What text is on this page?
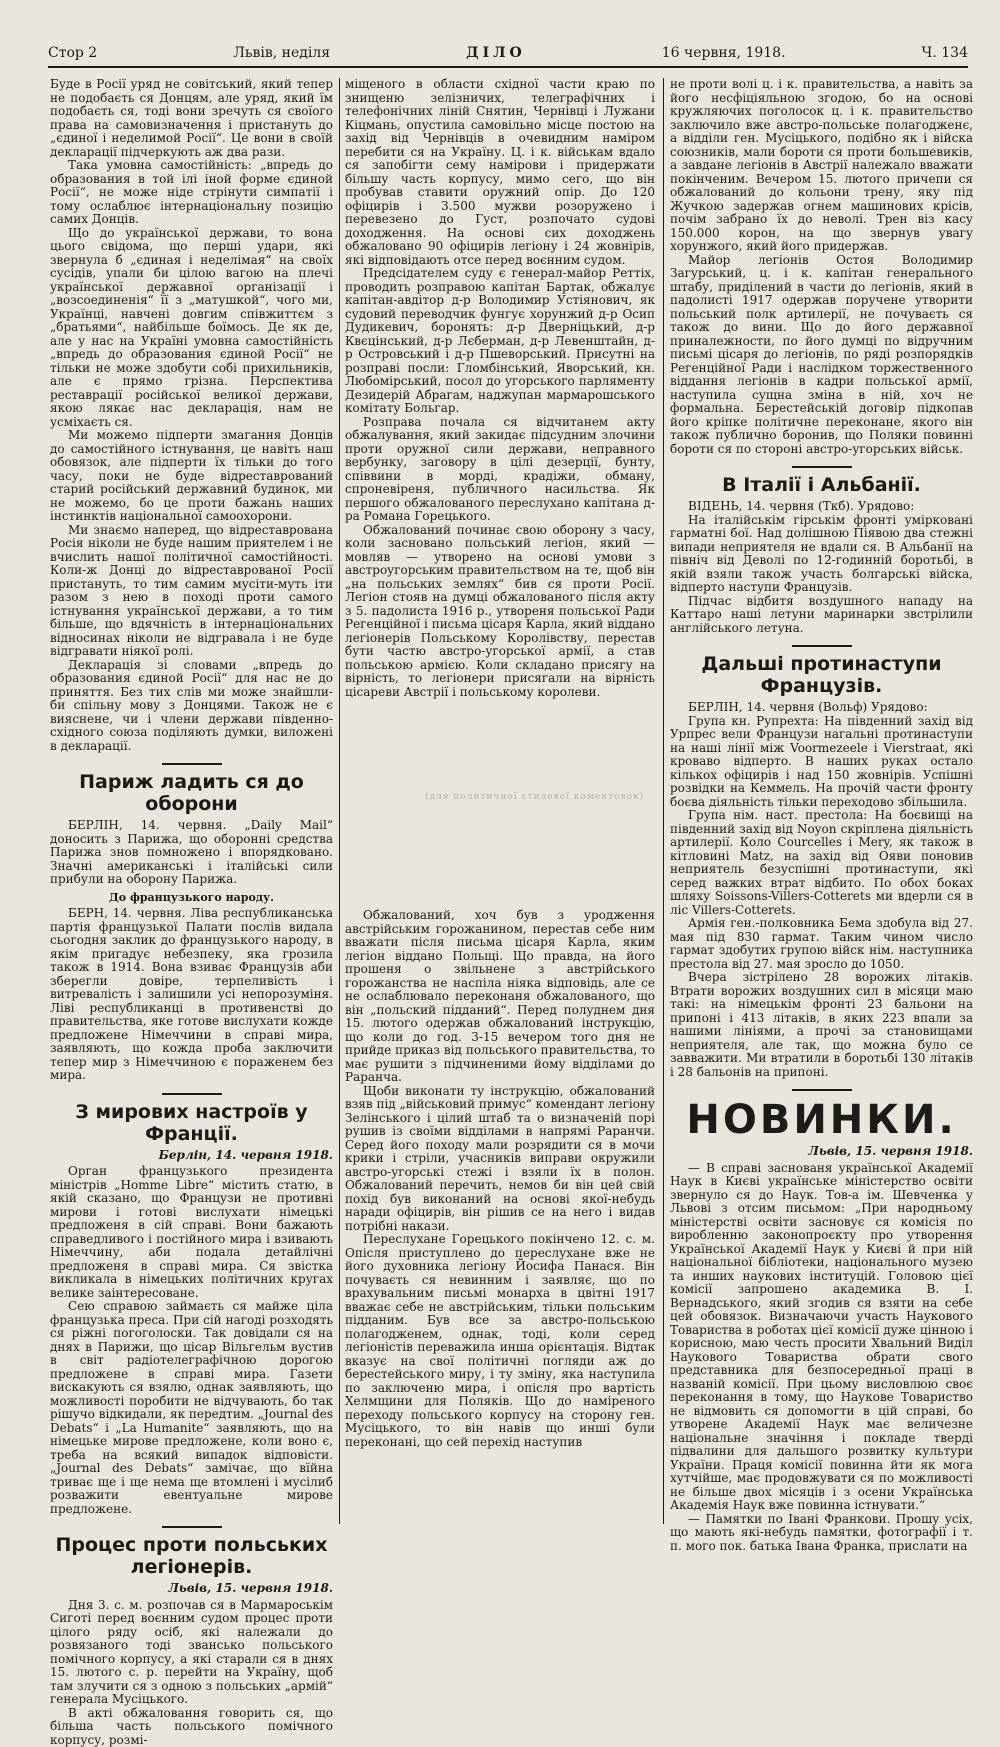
Стор 2	Львів, неділя	ДІЛО	16 червня, 1918.	Ч. 134

Буде в Росії уряд не совітський, який тепер не подобаєть ся Донцям, але уряд, який їм подобаєть ся, тоді вони зречуть ся своїого права на самовизначення і пристануть до „єдиної і неделимой Росії“. Це вони в своїй декларації підчеркують аж два рази.

Така умовна самостійність: „впредь до образования в той ілі іной форме єдиной Росії“, не може ніде стрінути симпатії і тому ослаблює інтернаціональну позицію самих Донців.

Що до української держави, то вона цього свідома, що перші удари, які звернула б „єдиная і неделімая“ на своїх сусідів, упали би цілою вагою на плечі української державної організації і „возсоединенія“ її з „матушкой“, чого ми, Українці, навчені довгим співжиттєм з „братьями“, найбільше боїмось. Де як де, але у нас на Україні умовна самостійність „впредь до образования єдиной Росії“ не тільки не може здобути собі прихильників, але є прямо грізна. Перспектива реставрації російської великої держави, якою лякає нас декларація, нам не усміхаєть ся.

Ми можемо підперти змагання Донців до самостійного істнування, це навіть наш обовязок, але підперти їх тільки до того часу, поки не буде відреставрований старий російський державний будинок, ми не можемо, бо це проти бажань наших інстинктів національної самоохорони.

Ми знаємо наперед, що відреставрована Росія ніколи не буде нашим приятелем і не вчислить нашої політичної самостійності. Коли-ж Донці до відреставрованої Росії пристануть, то тим самим мусіти-муть іти разом з нею в поході проти самого істнування української держави, а то тим більше, що вдячність в інтернаціональних відносинах ніколи не відгравала і не буде відгравати ніякої ролі.

Декларація зі словами „впредь до образования єдиной Росії“ для нас не до приняття. Без тих слів ми може знайшли-би спільну мову з Донцями. Також не є вияснене, чи і члени держави південно-східного союза поділяють думки, виложені в декларації.

Париж ладить ся до оборони

БЕРЛІН, 14. червня. „Daily Mail“ доносить з Парижа, що оборонні средства Парижа знов помножено і впорядковано. Значні американські і італійські сили прибули на оборону Парижа.

До французького народу.

БЕРН, 14. червня. Ліва республиканська партія французької Палати послів видала сьогодня заклик до французького народу, в якім пригадує небезпеку, яка грозила також в 1914. Вона взиває Французів аби зберегли довіре, терпеливість і витревалість і залишили усі непорозуміня. Ліві республиканці в противенстві до правительства, яке готове вислухати кожде предложене Німеччини в справі мира, заявляють, що кожда проба заключити тепер мир з Німеччиною є пораженем без мира.

З мирових настроїв у Франції.
Берлін, 14. червня 1918.

Орган французького президента міністрів „Homme Libre“ містить статю, в якій сказано, що Французи не противні мирови і готові вислухати німецькі предложеня в сій справі. Вони бажають справедливого і постійного мира і взивають Німеччину, аби подала детайлічні предложеня в справі мира. Ся звістка викликала в німецьких політичних кругах велике заінтересоване.

Сею справою займаєть ся майже ціла французька преса. При сій нагоді розходять ся ріжні погоголоски. Так довідали ся на днях в Парижи, що цісар Вільгельм вустив в світ радіотелеграфічною дорогою предложене в справі мира. Газети вискакують ся взялю, однак заявляють, що можливості поробити не відчувають, бо так рішучо відкидали, як передтим. „Journal des Debats“ і „La Humanite“ заявляють, що на німецьке мирове предложене, коли воно є, треба на всякий випадок відповісти. „Journal des Debats“ замічає, що вїйна триває ще і ще нема ще втомлені і мусілиб розважити евентуальне мирове предложене.

Процес проти польських легіонерів.
Львів, 15. червня 1918.

Дня 3. с. м. розпочав ся в Мармароськім Сиготі перед воєнним судом процес проти цілого ряду осіб, які належали до розвязаного тоді звансько польського помічного корпусу, а які старали ся в днях 15. лютого с. р. перейти на Україну, щоб там злучити ся з одною з польських „армій“ генерала Мусіцького.

В акті обжаловання говорить ся, що більша часть польського помічного корпусу, розмі-

міщеного в области східної части краю по знищеню зелізничих, телеграфічних і телефонічних ліній Снятин, Чернівці і Лужани Кіцмань, опустила самовільно місце постою на захід від Чернівців в очевидним наміром перебити ся на Україну. Ц. і к. військам вдало ся запобігти сему намірови і придержати більшу часть корпусу, мимо сего, що він пробував ставити оружний опір. До 120 офіцирів і 3.500 мужви розоружено і перевезено до Густ, розпочато судові доходження. На основі сих доходжень обжаловано 90 офіцирів легіону і 24 жовнірів, які відповідають отсе перед воєнним судом.

Предсідателем суду є генерал-майор Реттіх, проводить розправою капітан Бартак, обжалує капітан-авдітор д-р Володимир Устіянович, як судовий переводчик фунгує хорунжий д-р Осип Дудикевич, боронять: д-р Дверніцький, д-р Квєцінський, д-р Лєберман, д-р Левенштайн, д-р Островський і д-р Пшеворський. Присутні на розправі посли: Гломбінський, Яворський, кн. Любомірський, посол до угорського парляменту Дезидерій Абрагам, наджупан мармарошського комітату Больгар.

Розправа почала ся відчитанем акту обжалування, який закидає підсудним злочини проти оружної сили держави, неправного вербунку, заговору в цілі дезерції, бунту, співвини в морді, крадіжи, обману, спроневіреня, публичного насильства. Як першого обжалованого переслухано капітана д-ра Романа Горецького.

Обжалований починає свою оборону з часу, коли засновано польський легіон, який — мовляв — утворено на основі умови з австроугорським правительством на те, щоб він „на польських землях“ бив ся проти Росії. Легіон стояв на думці обжалованого після акту з 5. падолиста 1916 р., утвореня польської Ради Регенційної і письма цісаря Карла, який віддано легіонерів Польському Королівству, перестав бути частю австро-угорської армії, а став польською армією. Коли складано присягу на вірність, то легіонери присягали на вірність цісареви Австрії і польському королеви.

(для политичної стилевої коментовок)

Обжалований, хоч був з уродження австрійським горожанином, перестав себе ним вважати після письма цісаря Карла, яким легіон віддано Польщі. Що правда, на його прошеня о звільнене з австрійського горожанства не наспіла ніяка відповідь, але се не ослаблювало переконаня обжалованого, що він „польский підданий“. Перед полуднем дня 15. лютого одержав обжалований інструкцію, що коли до год. 3-15 вечером того дня не прийде приказ від польського правительства, то має рушити з підчиненими йому відділами до Раранча.

Щоби виконати ту інструкцію, обжалований взяв під „військовий примус“ комендант легіону Зелінського і цілий штаб та о визначеній порі рушив із своїми відділами в напрямі Раранчи. Серед його походу мали розрядити ся в мочи крики і стріли, учасників виправи окружили австро-угорські стежі і взяли їх в полон. Обжалований перечить, немов би він цей свій похід був виконаний на основі якої-небудь наради офіцирів, він рішив се на него і видав потрібні накази.

Переслухане Горецького покінчено 12. с. м. Опісля приступлено до переслухане вже не його духовника легіону Йосифа Панася. Він почуваєть ся невинним і заявляє, що по врахувальним письмі монарха в цвітні 1917 вважає себе не австрійським, тільки польським підданим. Був все за австро-польською полагодженем, однак, тоді, коли серед легіоністів переважила инша орієнтація. Відтак вказує на свої політичні погляди аж до берестейського миру, і ту зміну, яка наступила по заключеню мира, і опісля про вартість Хелмщини для Поляків. Що до наміреного переходу польського корпусу на сторону ген. Мусіцького, то він навів що инші були переконані, що сей перехід наступив

не проти волі ц. і к. правительства, а навіть за його несфіціяльною згодою, бо на основі кружляючих поголосок ц. і к. правительство заключило вже австро-польське полагодженє, а відділи ген. Мусіцького, подібно як і війска союзників, мали бороти ся проти большевиків, а завдане легіонів в Австрії належало вважати покінченим. Вечером 15. лютого причепи ся обжалований до кольони трену, яку під Жучкою задержав огнем машинових крісів, почім забрано їх до неволі. Трен віз касу 150.000 корон, на що звернув увагу хорунжого, який його придержав.

Майор легіонів Остоя Володимир Загурський, ц. і к. капітан генерального штабу, приділений в части до легіонів, який в падолисті 1917 одержав поручене утворити польський полк артилерії, не почуваєть ся також до вини. Що до його державної приналежности, по його думці по відручним письмі цісаря до легіонів, по ряді розпорядків Регенційної Ради і наслідком торжественного віддання легіонів в кадри польської армії, наступила сущна зміна в ній, хоч не формальна. Берестейській договір підкопав його кріпке політичне переконане, якого він також публично боронив, що Поляки повинні бороти ся по стороні австро-угорських військ.

В Італії і Альбанії.

ВІДЕНЬ, 14. червня (Ткб). Урядово:

На італійськім гірськім фронті умірковані гарматні бої. Над долішною Піявою два стежні випади неприятеля не вдали ся. В Альбанії на північ від Деволі по 12-годинній боротьбі, в якій взяли також участь болгарські війска, відперто наступи Французів.

Підчас відбитя воздушного нападу на Каттаро наші летуни маринарки звстрілили англійського летуна.

Дальші протинаступи Французів.

БЕРЛІН, 14. червня (Вольф) Урядово:

Група кн. Рупрехта: На південний захід від Урпрес вели Французи нагальні протинаступи на наші лінії між Voormezeele і Vierstraat, які кроваво відперто. В наших руках остало кількох офіцирів і над 150 жовнірів. Успішні розвідки на Кеммель. На прочій части фронту боєва діяльність тільки переходово збільшила.

Група нім. наст. престола: На боєвищі на південний захід від Noyon скріплена діяльність артилерії. Коло Courcelles і Mery, як також в кітловині Matz, на захід від Ояви поновив неприятель безуспішні протинаступи, які серед важких втрат відбито. По обох боках шляху Soissons-Villers-Cotterets ми вдерли ся в ліс Villers-Cotterets.

Армія ген.-полковника Бема здобула від 27. мая під 830 гармат. Таким чином число гармат здобутих групою війск нім. наступника престола від 27. мая зросло до 1050.

Вчера зістрілено 28 ворожих літаків. Втрати ворожих воздушних сил в місяци маю такі: на німецькім фронті 23 бальони на припоні і 413 літаків, в яких 223 впали за нашими лініями, а прочі за становищами неприятеля, але так, що можна було се завважити. Ми втратили в боротьбі 130 літаків і 28 бальонів на припоні.

НОВИНКИ.
Львів, 15. червня 1918.

— В справі заснованя української Академії Наук в Києві українське міністерство освіти звернуло ся до Наук. Тов-а ім. Шевченка у Львові з отсим письмом: „При народньому міністерстві освіти засновує ся комісія по виробленню законопроєкту про утворення Української Академії Наук у Києві й при ній національної бібліотеки, національного музею та инших наукових інституцій. Головою цієї комісії запрошено академика В. І. Вернадського, який згодив ся взяти на себе цей обовязок. Визначаючи участь Наукового Товариства в роботах цієї комісії дуже цінною і корисною, маю честь просити Хвальний Виділ Наукового Товариства обрати свого представника для безпосередньої праці в названій комісії. При цьому висловлюю своє переконання в тому, що Наукове Товариство не відмовить ся допомогти в цій справі, бо утворене Академії Наук має величезне національне значіння і покладе тверді підвалини для дальшого розвитку культури України. Праця комісії повинна йти як мога хутчійше, має продовжувати ся по можливості не більше двох місяців і з осени Українська Академія Наук вже повинна істнувати.“

— Памятки по Івані Франкови. Прошу усіх, що мають які-небудь памятки, фотографії і т. п. мого пок. батька Івана Франка, прислати на
